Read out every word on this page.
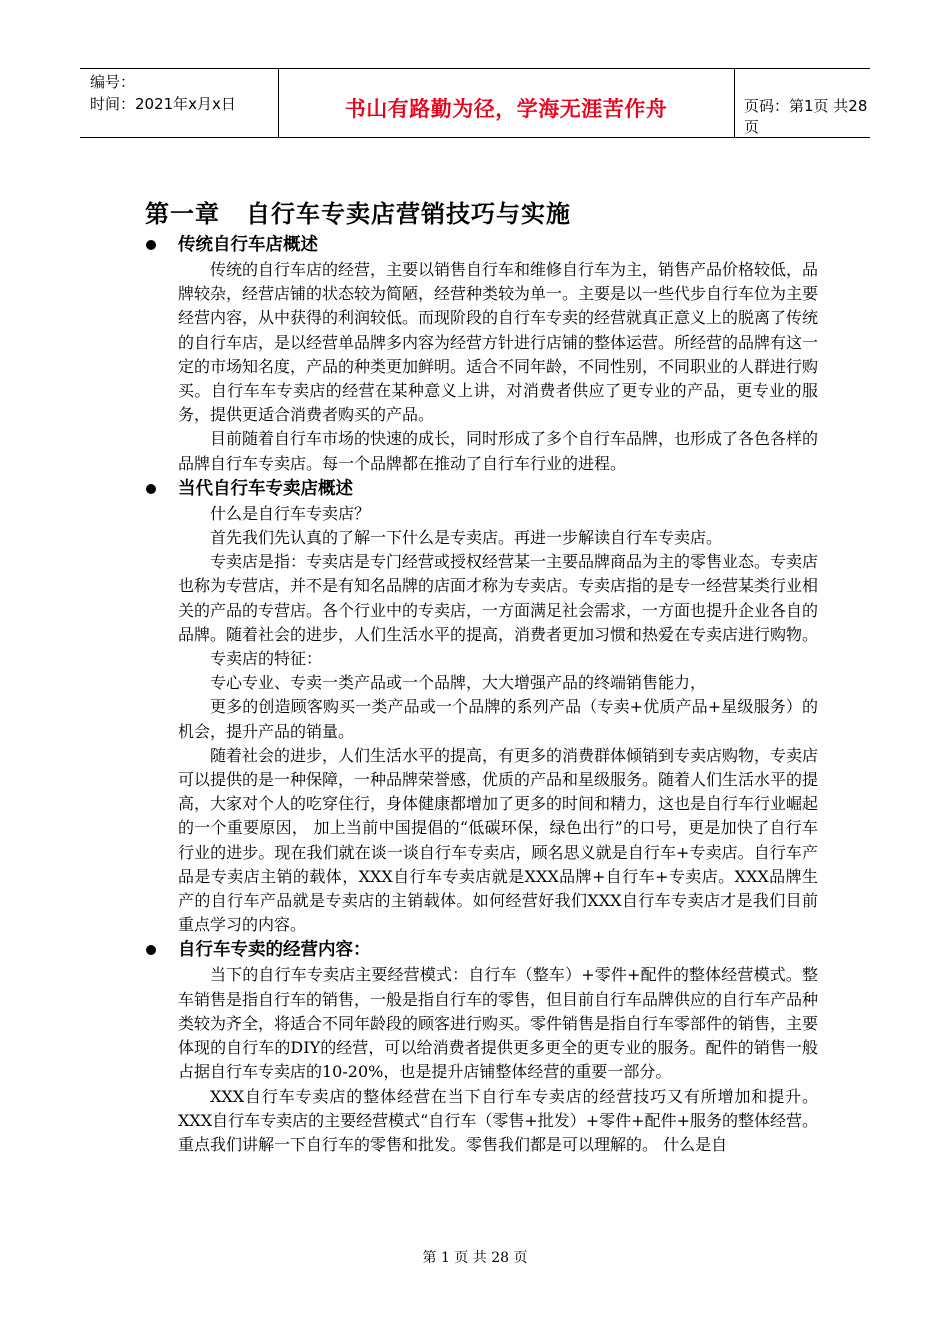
编号：
时间：2021年x月x日	书山有路勤为径，学海无涯苦作舟	页码：第1页 共28页
第一章 自行车专卖店营销技巧与实施
传统自行车店概述

传统的自行车店的经营，主要以销售自行车和维修自行车为主，销售产品价格较低，品牌较杂，经营店铺的状态较为简陋，经营种类较为单一。主要是以一些代步自行车位为主要经营内容，从中获得的利润较低。而现阶段的自行车专卖的经营就真正意义上的脱离了传统的自行车店，是以经营单品牌多内容为经营方针进行店铺的整体运营。所经营的品牌有这一定的市场知名度，产品的种类更加鲜明。适合不同年龄，不同性别，不同职业的人群进行购买。自行车车专卖店的经营在某种意义上讲，对消费者供应了更专业的产品，更专业的服务，提供更适合消费者购买的产品。

目前随着自行车市场的快速的成长，同时形成了多个自行车品牌，也形成了各色各样的品牌自行车专卖店。每一个品牌都在推动了自行车行业的进程。

当代自行车专卖店概述

什么是自行车专卖店？

首先我们先认真的了解一下什么是专卖店。再进一步解读自行车专卖店。

专卖店是指：专卖店是专门经营或授权经营某一主要品牌商品为主的零售业态。专卖店也称为专营店，并不是有知名品牌的店面才称为专卖店。专卖店指的是专一经营某类行业相关的产品的专营店。各个行业中的专卖店，一方面满足社会需求，一方面也提升企业各自的品牌。随着社会的进步，人们生活水平的提高，消费者更加习惯和热爱在专卖店进行购物。

专卖店的特征：

专心专业、专卖一类产品或一个品牌，大大增强产品的终端销售能力，

更多的创造顾客购买一类产品或一个品牌的系列产品（专卖+优质产品+星级服务）的机会，提升产品的销量。

随着社会的进步，人们生活水平的提高，有更多的消费群体倾销到专卖店购物，专卖店可以提供的是一种保障，一种品牌荣誉感，优质的产品和星级服务。随着人们生活水平的提高，大家对个人的吃穿住行，身体健康都增加了更多的时间和精力，这也是自行车行业崛起的一个重要原因， 加上当前中国提倡的“低碳环保，绿色出行”的口号，更是加快了自行车行业的进步。现在我们就在谈一谈自行车专卖店，顾名思义就是自行车+专卖店。自行车产品是专卖店主销的载体，XXX自行车专卖店就是XXX品牌+自行车+专卖店。XXX品牌生产的自行车产品就是专卖店的主销载体。如何经营好我们XXX自行车专卖店才是我们目前重点学习的内容。

自行车专卖的经营内容：

当下的自行车专卖店主要经营模式：自行车（整车）+零件+配件的整体经营模式。整车销售是指自行车的销售，一般是指自行车的零售，但目前自行车品牌供应的自行车产品种类较为齐全，将适合不同年龄段的顾客进行购买。零件销售是指自行车零部件的销售，主要体现的自行车的DIY的经营，可以给消费者提供更多更全的更专业的服务。配件的销售一般占据自行车专卖店的10-20%，也是提升店铺整体经营的重要一部分。

XXX自行车专卖店的整体经营在当下自行车专卖店的经营技巧又有所增加和提升。XXX自行车专卖店的主要经营模式“自行车（零售+批发）+零件+配件+服务的整体经营。重点我们讲解一下自行车的零售和批发。零售我们都是可以理解的。 什么是自

第 1 页 共 28 页
